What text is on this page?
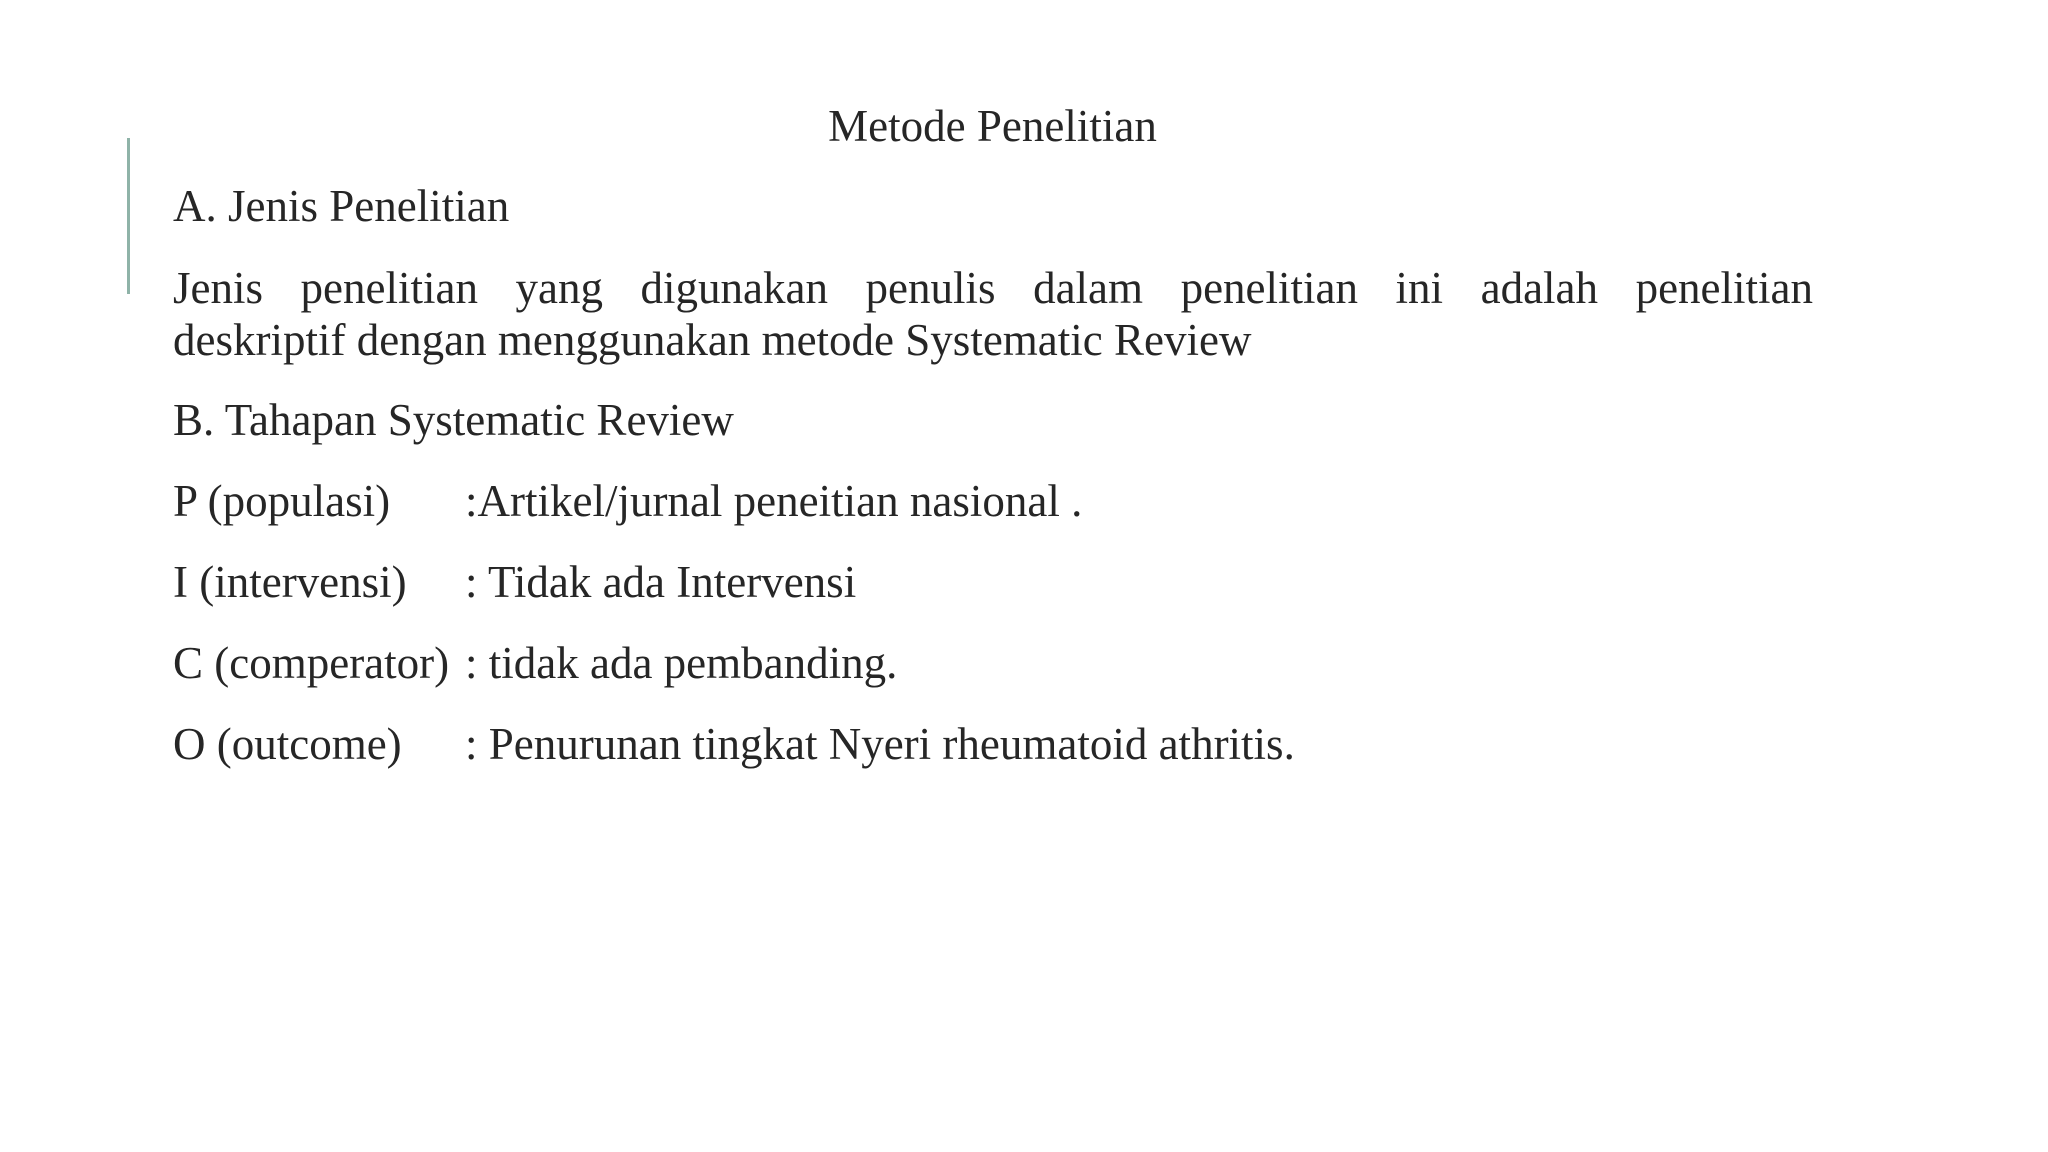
Metode Penelitian
A. Jenis Penelitian
Jenis penelitian yang digunakan penulis dalam penelitian ini adalah penelitian
deskriptif dengan menggunakan metode Systematic Review
B. Tahapan Systematic Review
P (populasi) :Artikel/jurnal peneitian nasional .
I (intervensi) : Tidak ada Intervensi
C (comperator) : tidak ada pembanding.
O (outcome) : Penurunan tingkat Nyeri rheumatoid athritis.
